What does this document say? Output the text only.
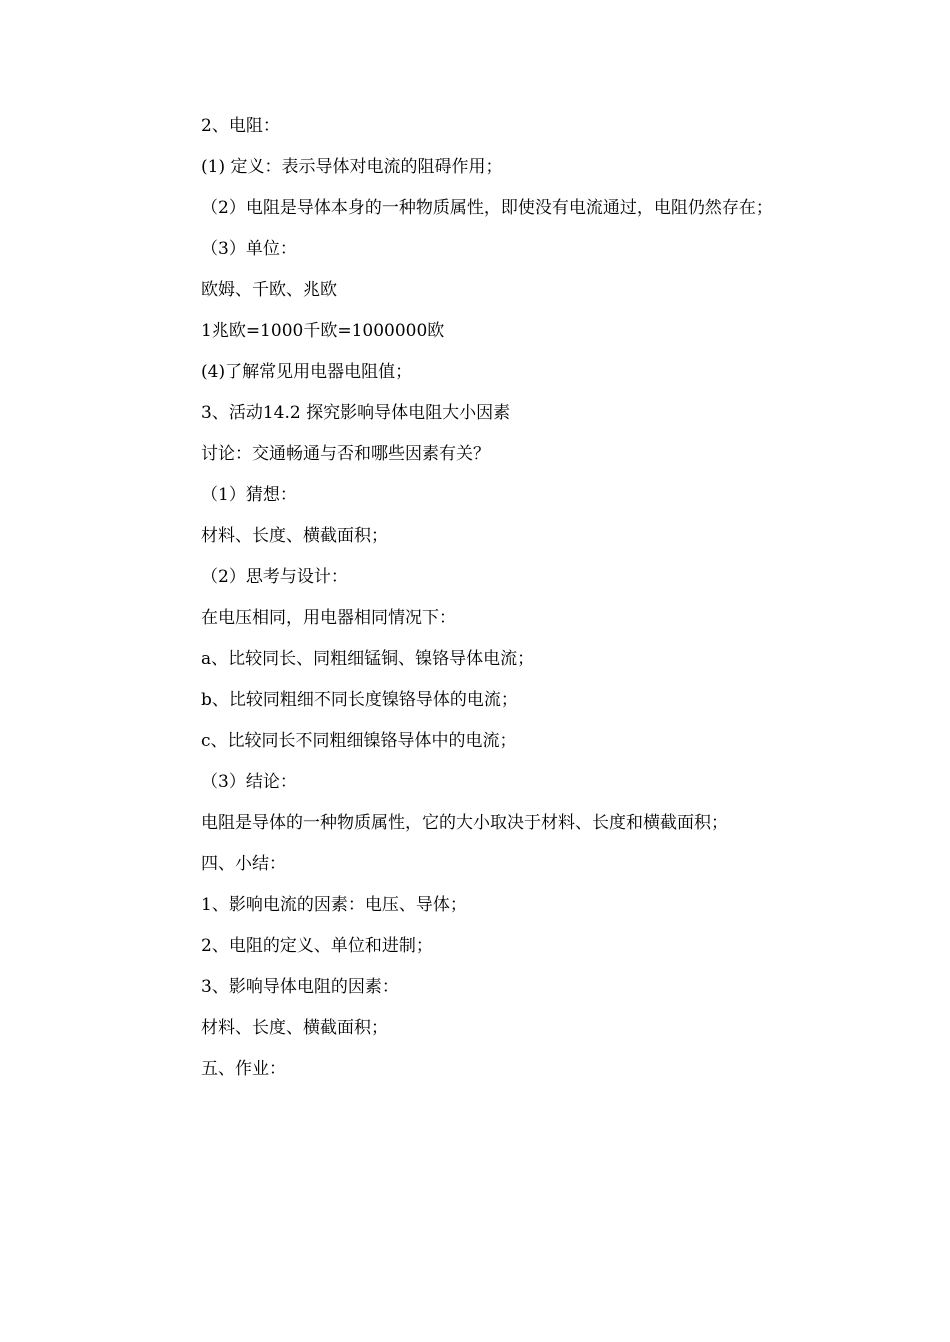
2、电阻：
(1) 定义：表示导体对电流的阻碍作用；
（2）电阻是导体本身的一种物质属性，即使没有电流通过，电阻仍然存在；
（3）单位：
欧姆、千欧、兆欧
1兆欧=1000千欧=1000000欧
(4)了解常见用电器电阻值；
3、活动14.2 探究影响导体电阻大小因素
讨论：交通畅通与否和哪些因素有关？
（1）猜想：
材料、长度、横截面积；
（2）思考与设计：
在电压相同，用电器相同情况下：
a、比较同长、同粗细锰铜、镍铬导体电流；
b、比较同粗细不同长度镍铬导体的电流；
c、比较同长不同粗细镍铬导体中的电流；
（3）结论：
电阻是导体的一种物质属性，它的大小取决于材料、长度和横截面积；
四、小结：
1、影响电流的因素：电压、导体；
2、电阻的定义、单位和进制；
3、影响导体电阻的因素：
材料、长度、横截面积；
五、作业：
